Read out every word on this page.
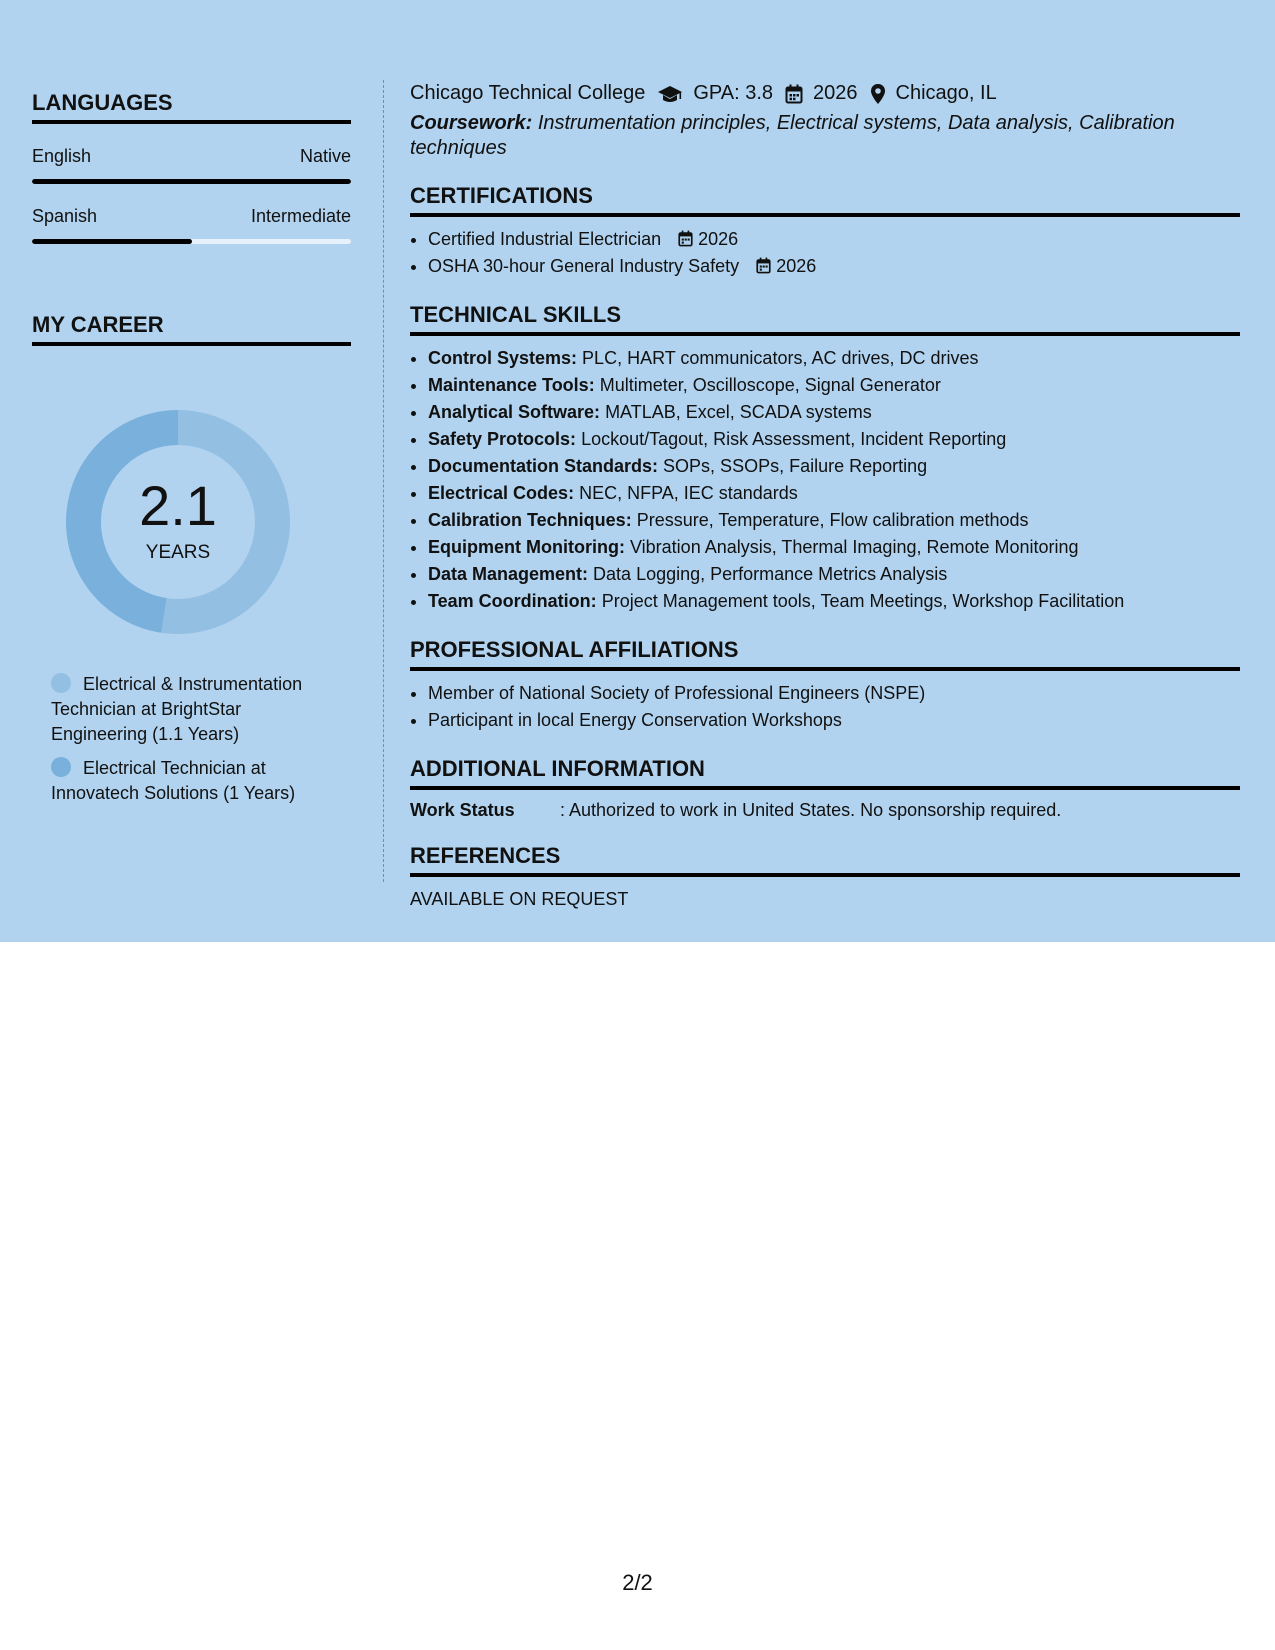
LANGUAGES
English	Native
Spanish	Intermediate
MY CAREER
2.1
YEARS
Electrical & Instrumentation Technician at BrightStar Engineering (1.1 Years)
Electrical Technician at Innovatech Solutions (1 Years)
Chicago Technical College GPA: 3.8 2026 Chicago, IL
Coursework: Instrumentation principles, Electrical systems, Data analysis, Calibration techniques
CERTIFICATIONS
• Certified Industrial Electrician 2026
• OSHA 30-hour General Industry Safety 2026
TECHNICAL SKILLS
• Control Systems: PLC, HART communicators, AC drives, DC drives
• Maintenance Tools: Multimeter, Oscilloscope, Signal Generator
• Analytical Software: MATLAB, Excel, SCADA systems
• Safety Protocols: Lockout/Tagout, Risk Assessment, Incident Reporting
• Documentation Standards: SOPs, SSOPs, Failure Reporting
• Electrical Codes: NEC, NFPA, IEC standards
• Calibration Techniques: Pressure, Temperature, Flow calibration methods
• Equipment Monitoring: Vibration Analysis, Thermal Imaging, Remote Monitoring
• Data Management: Data Logging, Performance Metrics Analysis
• Team Coordination: Project Management tools, Team Meetings, Workshop Facilitation
PROFESSIONAL AFFILIATIONS
• Member of National Society of Professional Engineers (NSPE)
• Participant in local Energy Conservation Workshops
ADDITIONAL INFORMATION
Work Status	: Authorized to work in United States. No sponsorship required.
REFERENCES
AVAILABLE ON REQUEST
2/2
